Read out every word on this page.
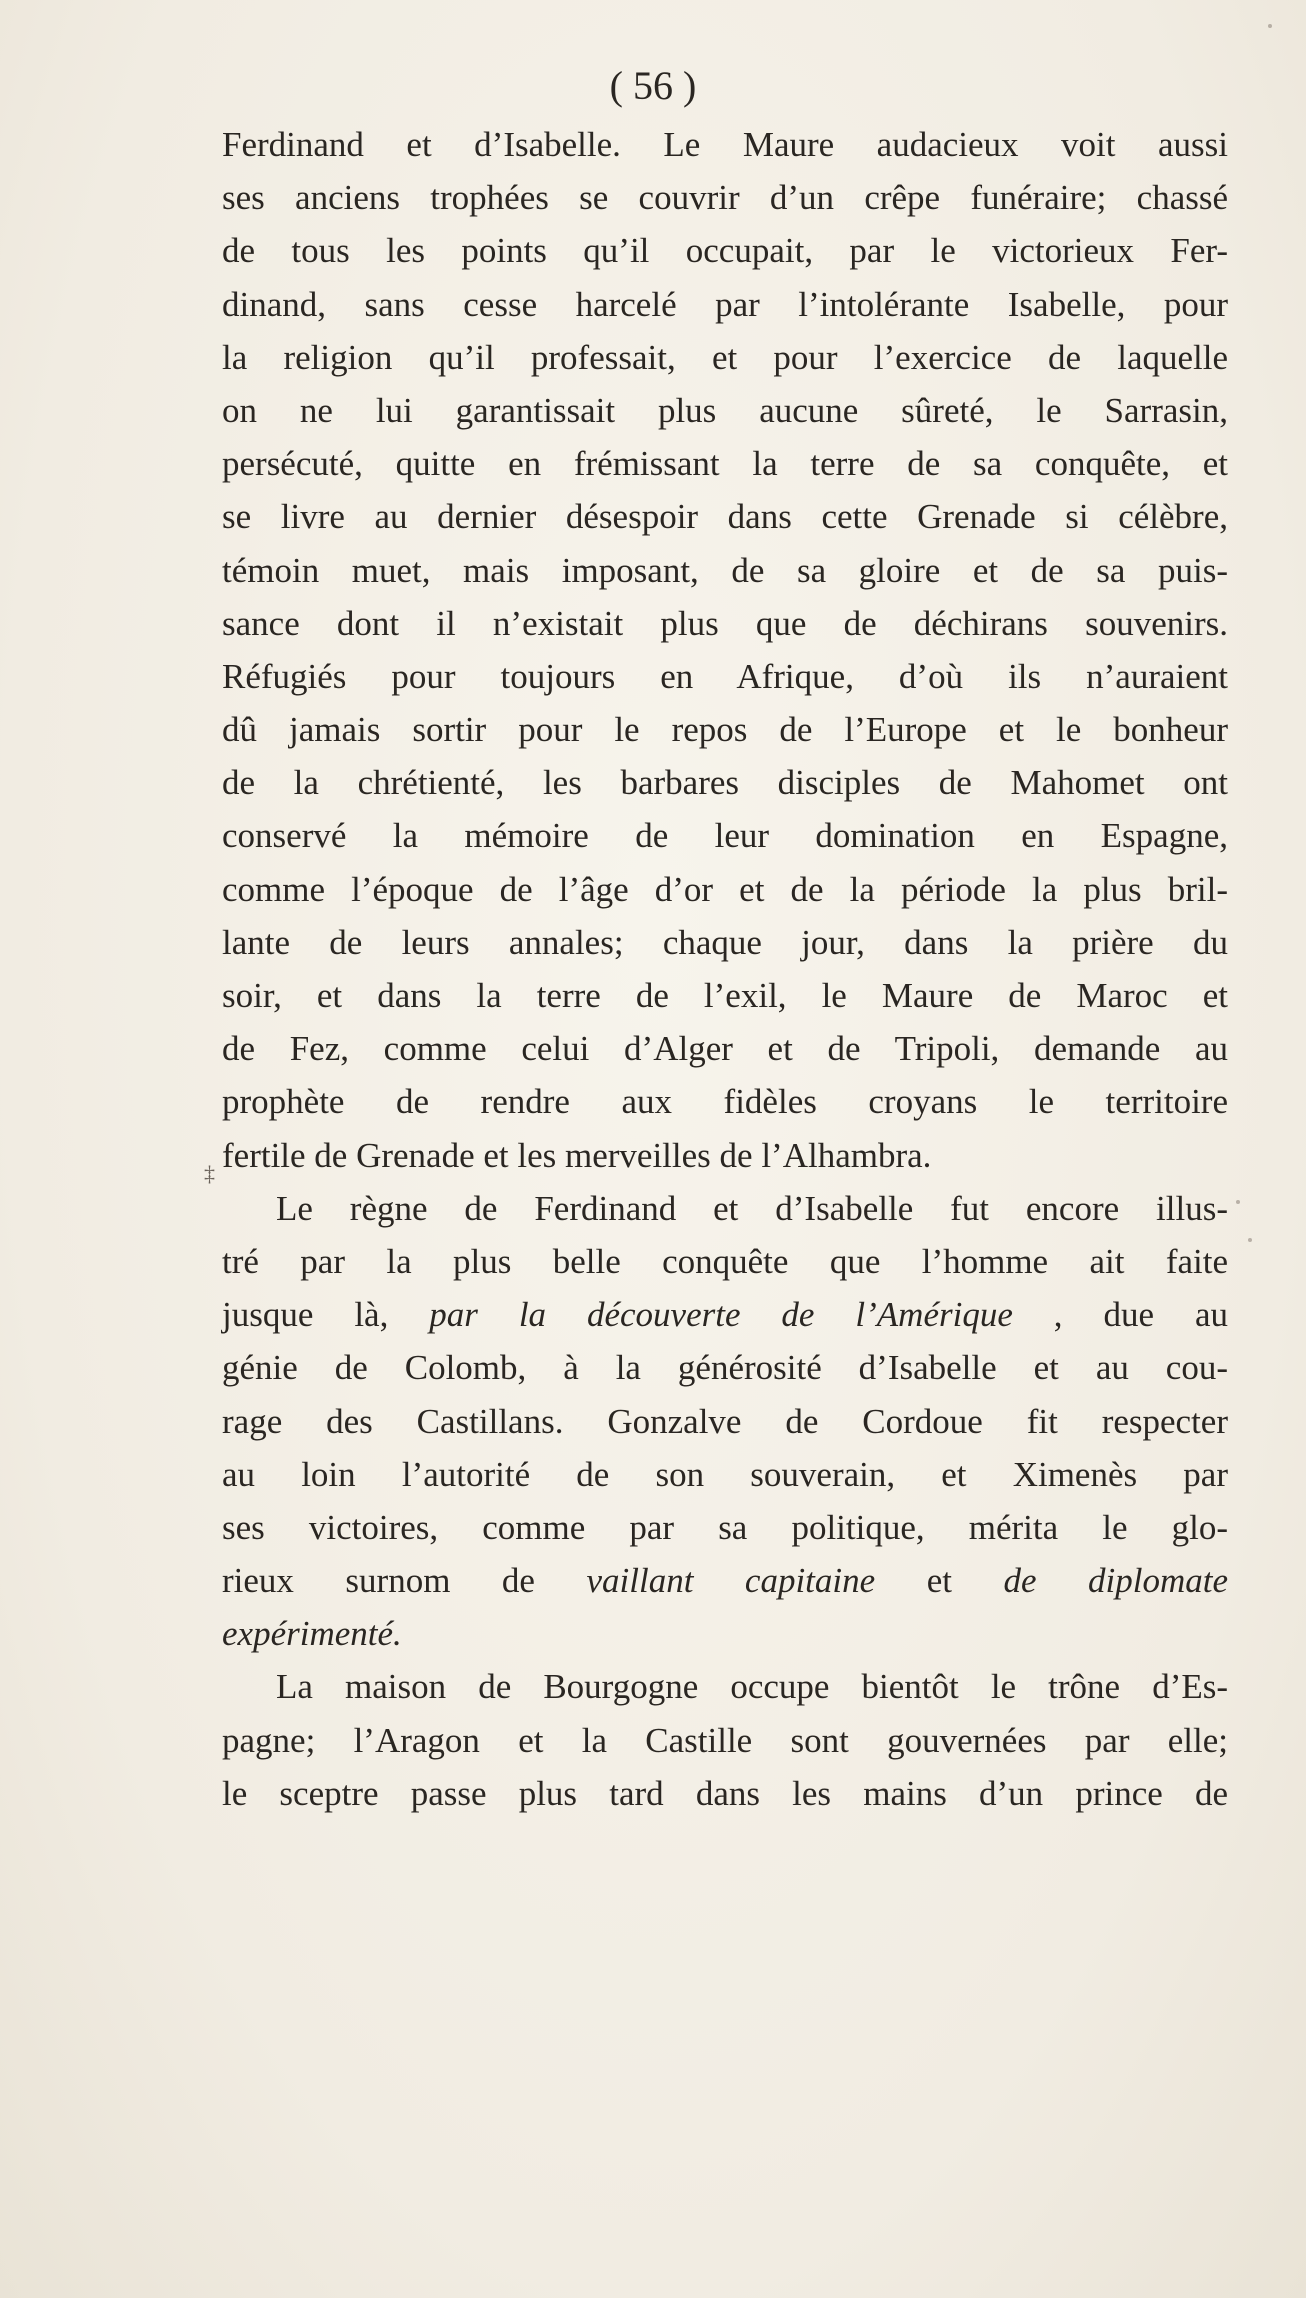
( 56 )
‡
Ferdinand et d’Isabelle. Le Maure audacieux voit aussi
ses anciens trophées se couvrir d’un crêpe funéraire; chassé
de tous les points qu’il occupait, par le victorieux Fer-
dinand, sans cesse harcelé par l’intolérante Isabelle, pour
la religion qu’il professait, et pour l’exercice de laquelle
on ne lui garantissait plus aucune sûreté, le Sarrasin,
persécuté, quitte en frémissant la terre de sa conquête, et
se livre au dernier désespoir dans cette Grenade si célèbre,
témoin muet, mais imposant, de sa gloire et de sa puis-
sance dont il n’existait plus que de déchirans souvenirs.
Réfugiés pour toujours en Afrique, d’où ils n’auraient
dû jamais sortir pour le repos de l’Europe et le bonheur
de la chrétienté, les barbares disciples de Mahomet ont
conservé la mémoire de leur domination en Espagne,
comme l’époque de l’âge d’or et de la période la plus bril-
lante de leurs annales; chaque jour, dans la prière du
soir, et dans la terre de l’exil, le Maure de Maroc et
de Fez, comme celui d’Alger et de Tripoli, demande au
prophète de rendre aux fidèles croyans le territoire
fertile de Grenade et les merveilles de l’Alhambra.
Le règne de Ferdinand et d’Isabelle fut encore illus-
tré par la plus belle conquête que l’homme ait faite
jusque là, par la découverte de l’Amérique , due au
génie de Colomb, à la générosité d’Isabelle et au cou-
rage des Castillans. Gonzalve de Cordoue fit respecter
au loin l’autorité de son souverain, et Ximenès par
ses victoires, comme par sa politique, mérita le glo-
rieux surnom de vaillant capitaine et de diplomate
expérimenté.
La maison de Bourgogne occupe bientôt le trône d’Es-
pagne; l’Aragon et la Castille sont gouvernées par elle;
le sceptre passe plus tard dans les mains d’un prince de
